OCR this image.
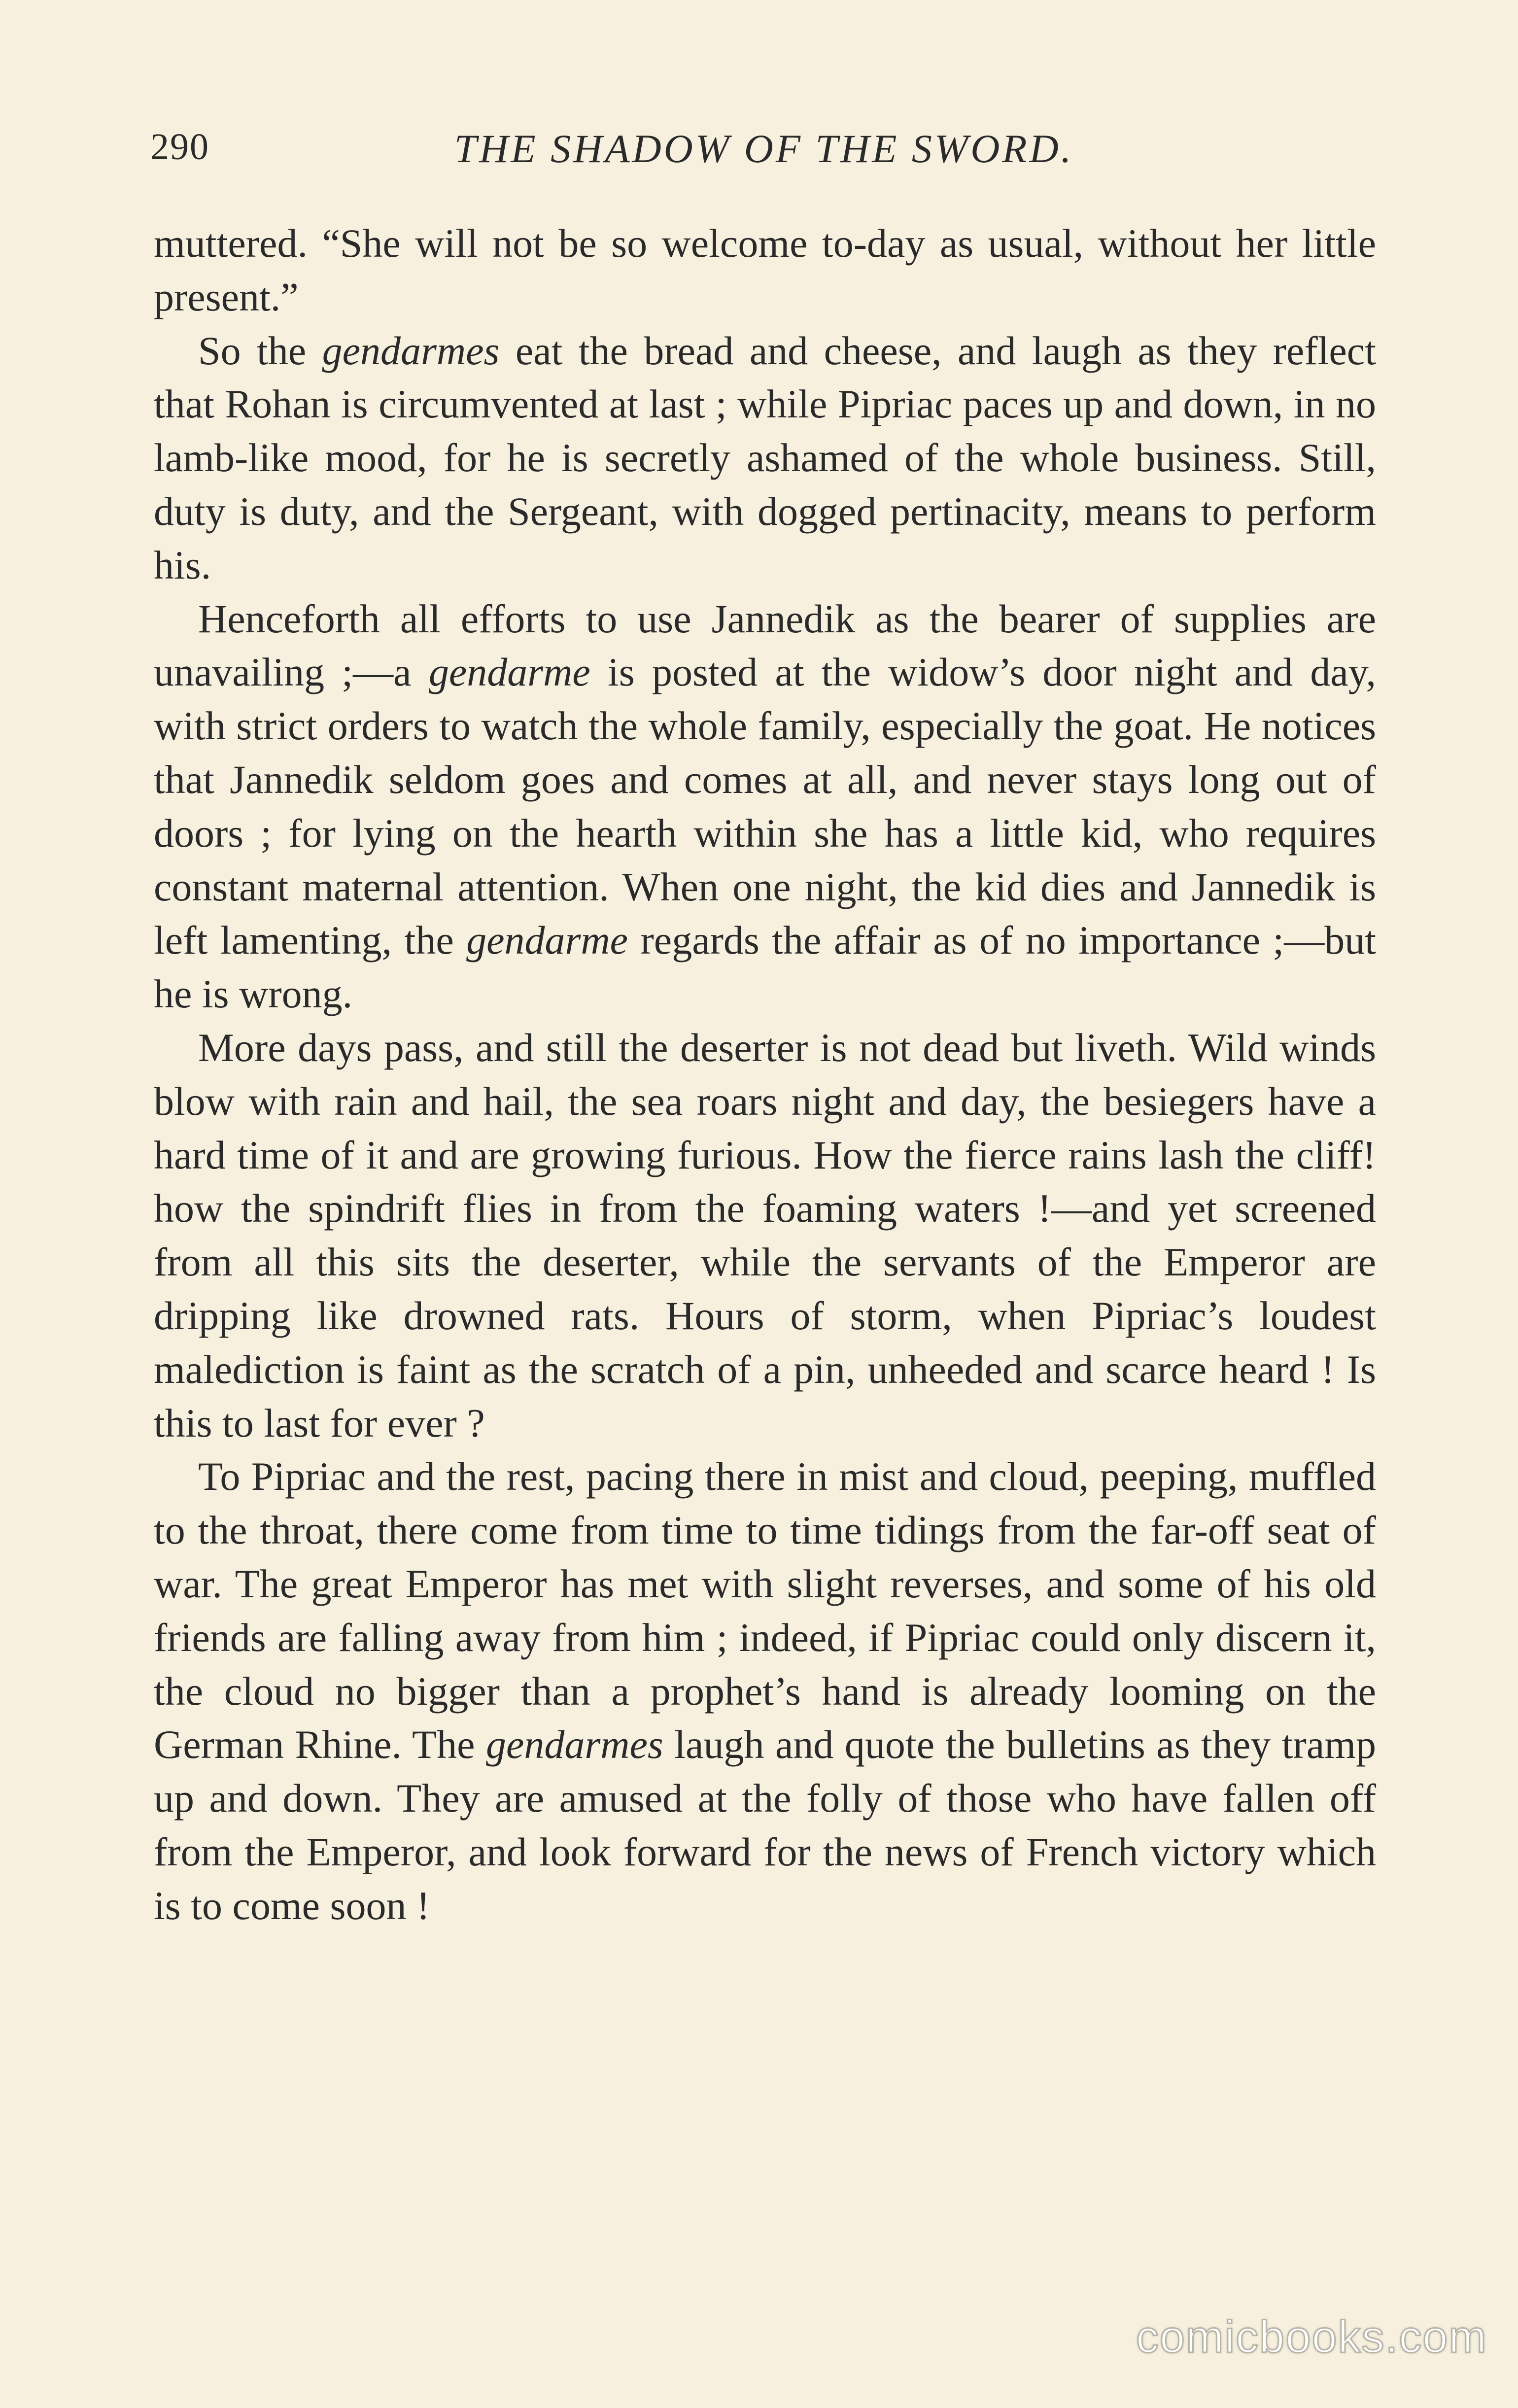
290	THE SHADOW OF THE SWORD.

muttered. “She will not be so welcome to-day as usual, without her little present.”

So the gendarmes eat the bread and cheese, and laugh as they reflect that Rohan is circumvented at last ; while Pipriac paces up and down, in no lamb-like mood, for he is secretly ashamed of the whole business. Still, duty is duty, and the Sergeant, with dogged pertinacity, means to perform his.

Henceforth all efforts to use Jannedik as the bearer of supplies are unavailing ;—a gendarme is posted at the widow’s door night and day, with strict orders to watch the whole family, especially the goat. He notices that Jannedik seldom goes and comes at all, and never stays long out of doors ; for lying on the hearth within she has a little kid, who requires constant maternal attention. When one night, the kid dies and Jannedik is left lamenting, the gendarme regards the affair as of no importance ;—but he is wrong.

More days pass, and still the deserter is not dead but liveth. Wild winds blow with rain and hail, the sea roars night and day, the besiegers have a hard time of it and are growing furious. How the fierce rains lash the cliff! how the spindrift flies in from the foaming waters !—and yet screened from all this sits the deserter, while the servants of the Emperor are dripping like drowned rats. Hours of storm, when Pipriac’s loudest malediction is faint as the scratch of a pin, unheeded and scarce heard ! Is this to last for ever ?

To Pipriac and the rest, pacing there in mist and cloud, peeping, muffled to the throat, there come from time to time tidings from the far-off seat of war. The great Emperor has met with slight reverses, and some of his old friends are falling away from him ; indeed, if Pipriac could only discern it, the cloud no bigger than a prophet’s hand is already looming on the German Rhine. The gendarmes laugh and quote the bulletins as they tramp up and down. They are amused at the folly of those who have fallen off from the Emperor, and look forward for the news of French victory which is to come soon !

comicbooks.com
